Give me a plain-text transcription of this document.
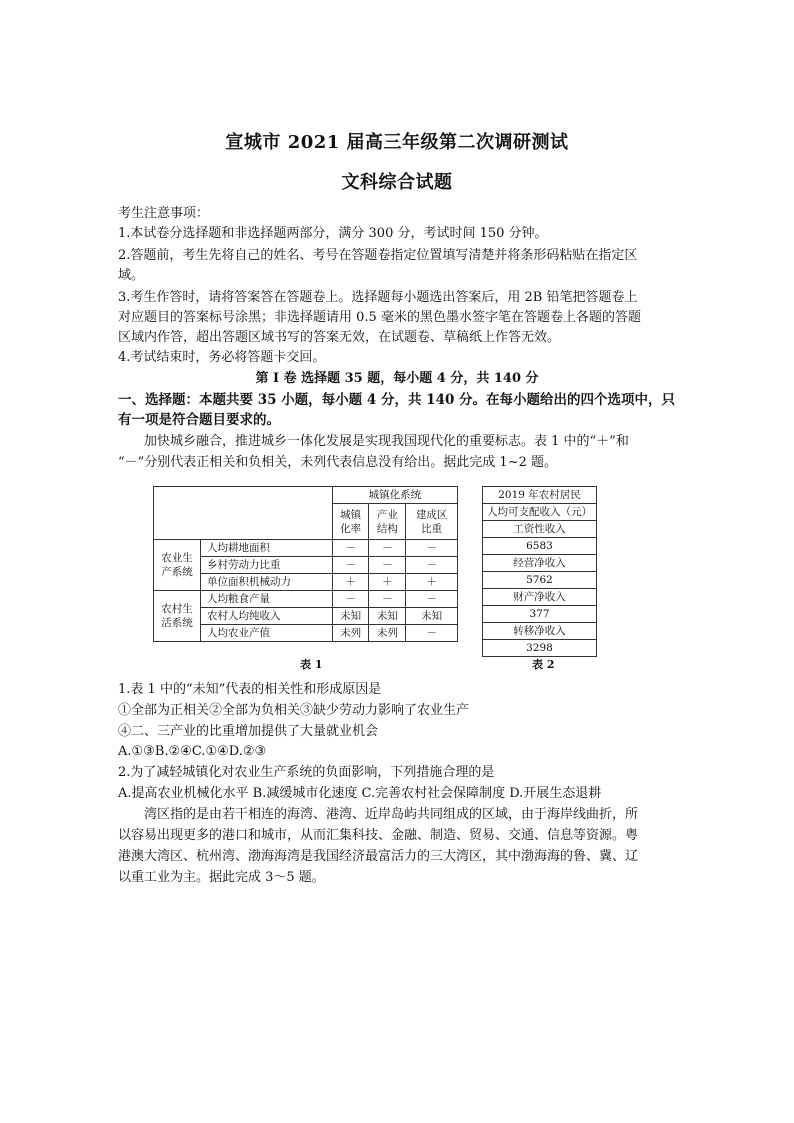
宣城市 2021 届高三年级第二次调研测试
文科综合试题
考生注意事项：
1.本试卷分选择题和非选择题两部分，满分 300 分，考试时间 150 分钟。
2.答题前，考生先将自己的姓名、考号在答题卷指定位置填写清楚并将条形码粘贴在指定区
域。
3.考生作答时，请将答案答在答题卷上。选择题每小题选出答案后，用 2B 铅笔把答题卷上
对应题目的答案标号涂黑；非选择题请用 0.5 毫米的黑色墨水签字笔在答题卷上各题的答题
区域内作答，超出答题区域书写的答案无效，在试题卷、草稿纸上作答无效。
4.考试结束时，务必将答题卡交回。
第 I 卷 选择题 35 题，每小题 4 分，共 140 分
一、选择题：本题共要 35 小题，每小题 4 分，共 140 分。在每小题给出的四个选项中，只
有一项是符合题目要求的。
加快城乡融合，推进城乡一体化发展是实现我国现代化的重要标志。表 1 中的“＋”和
“－”分别代表正相关和负相关，未列代表信息没有给出。据此完成 1~2 题。
		城镇化系统		
		城镇
化率	产业
结构	建成区
比重
农业生
产系统	人均耕地面积	－	－	－
	乡村劳动力比重	－	－	－
	单位面积机械动力	＋	＋	＋
农村生
活系统	人均粮食产量	－	－	－
	农村人均纯收入	未知	未知	未知
	人均农业产值	未列	未列	－
表 1
2019 年农村居民
人均可支配收入（元）
工资性收入
6583
经营净收入
5762
财产净收入
377
转移净收入
3298
表 2
1.表 1 中的“未知”代表的相关性和形成原因是
①全部为正相关②全部为负相关③缺少劳动力影响了农业生产
④二、三产业的比重增加提供了大量就业机会
A.①③B.②④C.①④D.②③
2.为了减轻城镇化对农业生产系统的负面影响，下列措施合理的是
A.提高农业机械化水平 B.减缓城市化速度 C.完善农村社会保障制度 D.开展生态退耕
湾区指的是由若干相连的海湾、港湾、近岸岛屿共同组成的区域，由于海岸线曲折，所
以容易出现更多的港口和城市，从而汇集科技、金融、制造、贸易、交通、信息等资源。粤
港澳大湾区、杭州湾、渤海海湾是我国经济最富活力的三大湾区，其中渤海海的鲁、冀、辽
以重工业为主。据此完成 3～5 题。
